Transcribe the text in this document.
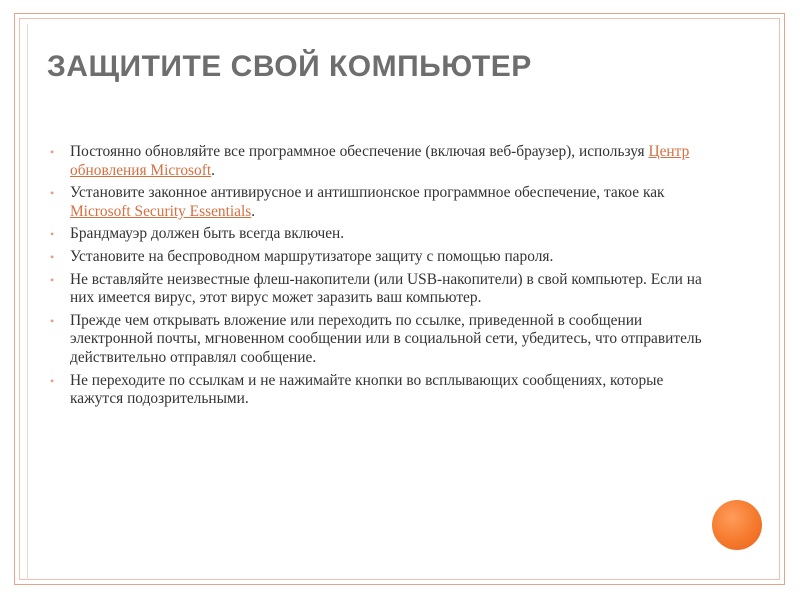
ЗАЩИТИТЕ СВОЙ КОМПЬЮТЕР
• Постоянно обновляйте все программное обеспечение (включая веб-браузер), используя Центр обновления Microsoft.
• Установите законное антивирусное и антишпионское программное обеспечение, такое как Microsoft Security Essentials.
• Брандмауэр должен быть всегда включен.
• Установите на беспроводном маршрутизаторе защиту с помощью пароля.
• Не вставляйте неизвестные флеш-накопители (или USB-накопители) в свой компьютер. Если на них имеется вирус, этот вирус может заразить ваш компьютер.
• Прежде чем открывать вложение или переходить по ссылке, приведенной в сообщении электронной почты, мгновенном сообщении или в социальной сети, убедитесь, что отправитель действительно отправлял сообщение.
• Не переходите по ссылкам и не нажимайте кнопки во всплывающих сообщениях, которые кажутся подозрительными.
